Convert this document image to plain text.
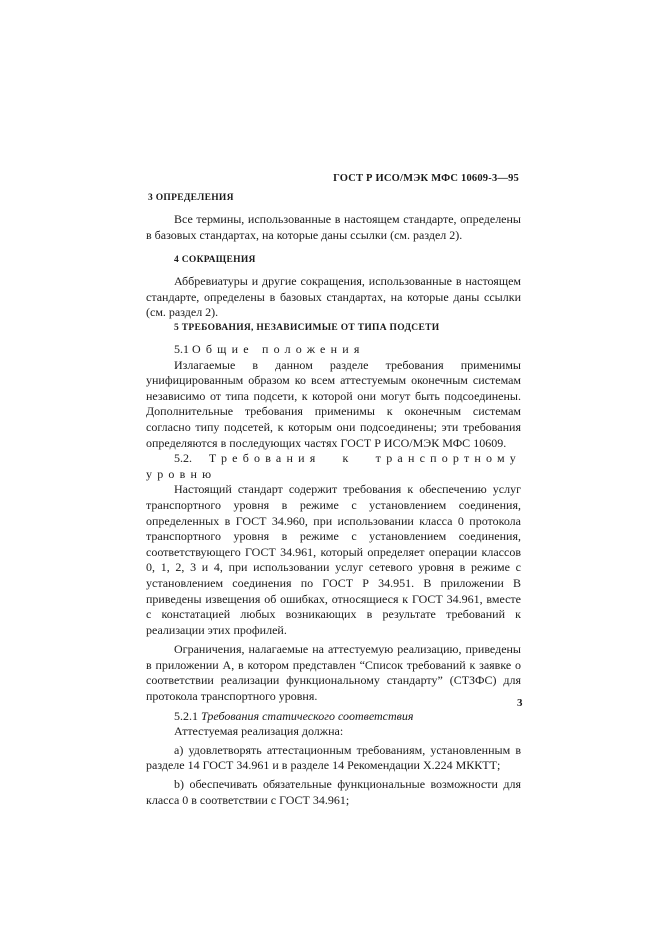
ГОСТ Р ИСО/МЭК МФС 10609-3—95
3 ОПРЕДЕЛЕНИЯ

Все термины, использованные в настоящем стандарте, определены в базовых стандартах, на которые даны ссылки (см. раздел 2).

4 СОКРАЩЕНИЯ

Аббревиатуры и другие сокращения, использованные в настоящем стандарте, определены в базовых стандартах, на которые даны ссылки (см. раздел 2).

5 ТРЕБОВАНИЯ, НЕЗАВИСИМЫЕ ОТ ТИПА ПОДСЕТИ

5.1 Общие положения

Излагаемые в данном разделе требования применимы унифицированным образом ко всем аттестуемым оконечным системам независимо от типа подсети, к которой они могут быть подсоединены. Дополнительные требования применимы к оконечным системам согласно типу подсетей, к которым они подсоединены; эти требования определяются в последующих частях ГОСТ Р ИСО/МЭК МФС 10609.

5.2. Требования к транспортному уровню

Настоящий стандарт содержит требования к обеспечению услуг транспортного уровня в режиме с установлением соединения, определенных в ГОСТ 34.960, при использовании класса 0 протокола транспортного уровня в режиме с установлением соединения, соответствующего ГОСТ 34.961, который определяет операции классов 0, 1, 2, 3 и 4, при использовании услуг сетевого уровня в режиме с установлением соединения по ГОСТ Р 34.951. В приложении В приведены извещения об ошибках, относящиеся к ГОСТ 34.961, вместе с констатацией любых возникающих в результате требований к реализации этих профилей.

Ограничения, налагаемые на аттестуемую реализацию, приведены в приложении А, в котором представлен “Список требований к заявке о соответствии реализации функциональному стандарту” (СТЗФС) для протокола транспортного уровня.

5.2.1 Требования статического соответствия

Аттестуемая реализация должна:

a) удовлетворять аттестационным требованиям, установленным в разделе 14 ГОСТ 34.961 и в разделе 14 Рекомендации X.224 МККТТ;

b) обеспечивать обязательные функциональные возможности для класса 0 в соответствии с ГОСТ 34.961;

3
